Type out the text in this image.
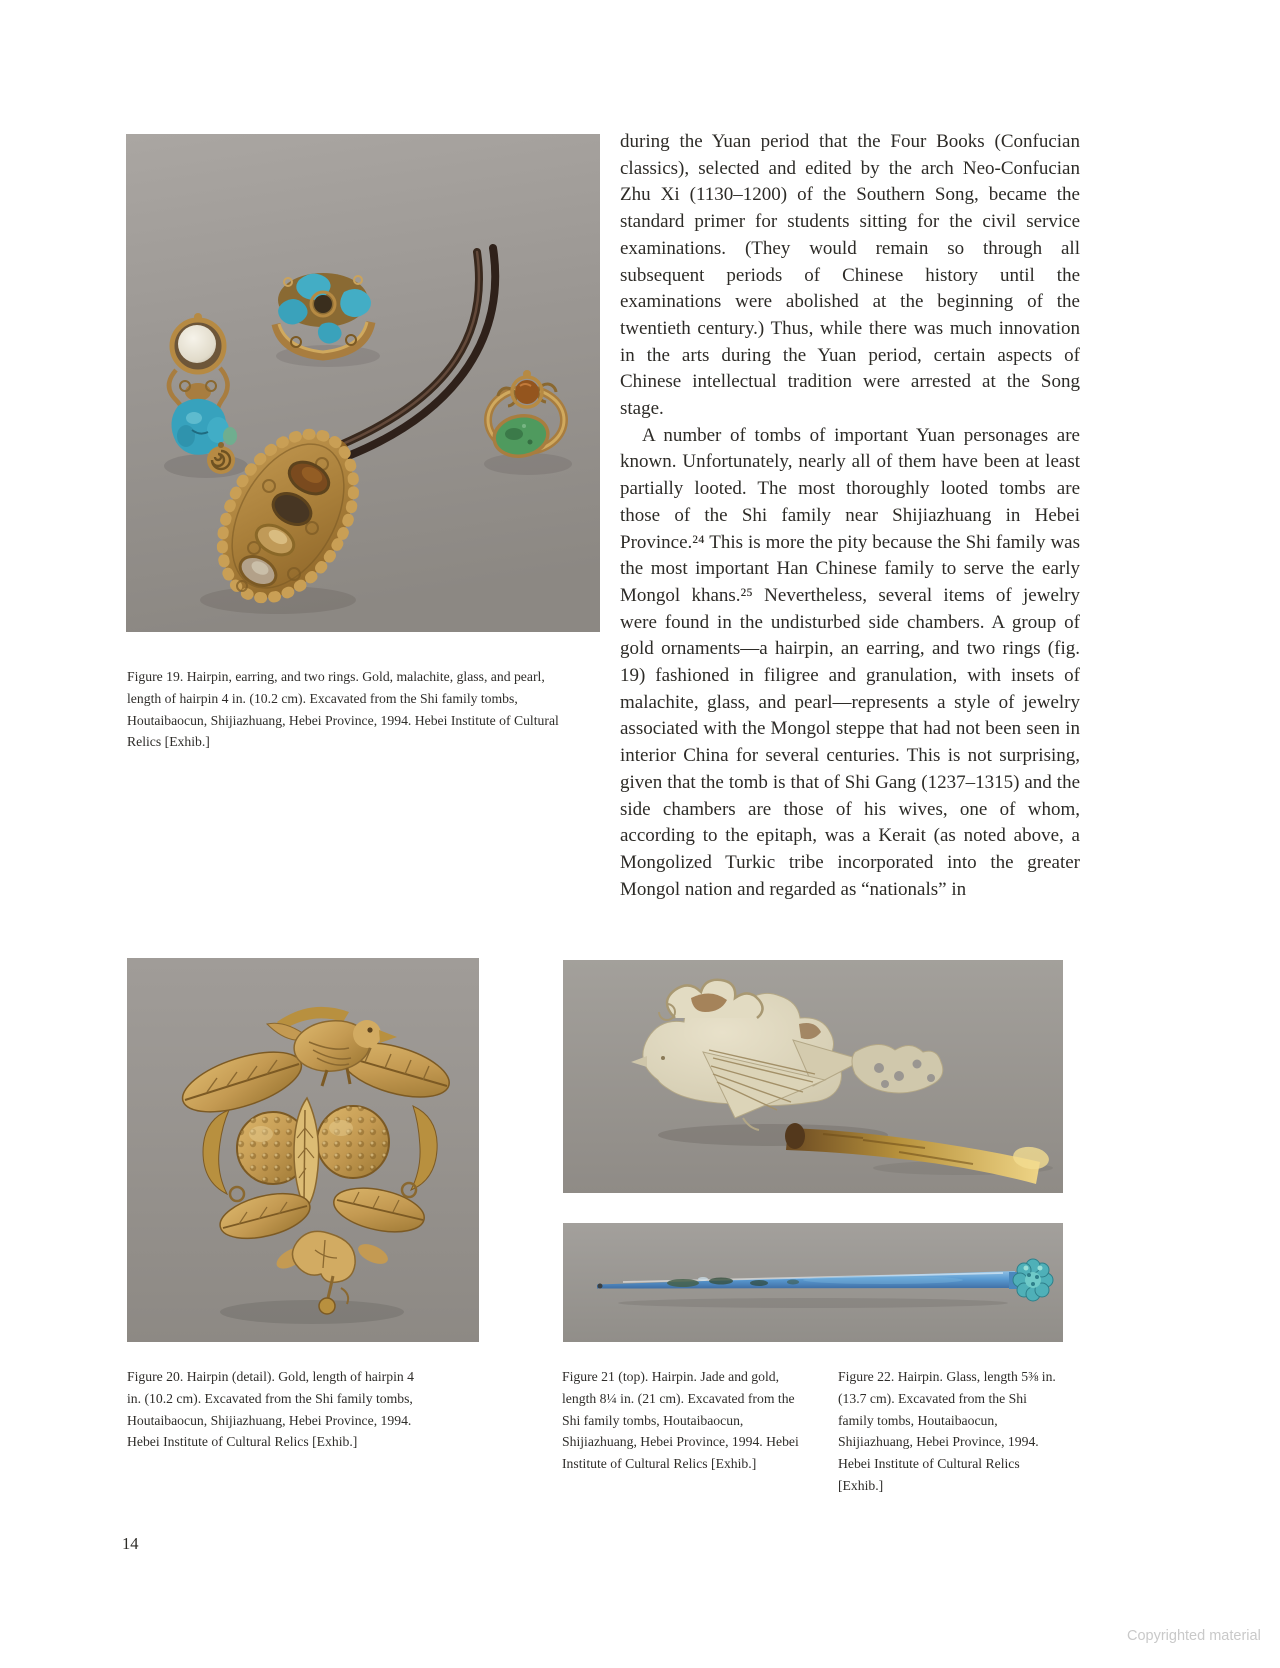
during the Yuan period that the Four Books (Confucian classics), selected and edited by the arch Neo-Confucian Zhu Xi (1130–1200) of the Southern Song, became the standard primer for students sitting for the civil service examinations. (They would remain so through all subsequent periods of Chinese history until the examinations were abolished at the beginning of the twentieth century.) Thus, while there was much innovation in the arts during the Yuan period, certain aspects of Chinese intellectual tradition were arrested at the Song stage.

A number of tombs of important Yuan personages are known. Unfortunately, nearly all of them have been at least partially looted. The most thoroughly looted tombs are those of the Shi family near Shijiazhuang in Hebei Province.²⁴ This is more the pity because the Shi family was the most important Han Chinese family to serve the early Mongol khans.²⁵ Nevertheless, several items of jewelry were found in the undisturbed side chambers. A group of gold ornaments—a hairpin, an earring, and two rings (fig. 19) fashioned in filigree and granulation, with insets of malachite, glass, and pearl—represents a style of jewelry associated with the Mongol steppe that had not been seen in interior China for several centuries. This is not surprising, given that the tomb is that of Shi Gang (1237–1315) and the side chambers are those of his wives, one of whom, according to the epitaph, was a Kerait (as noted above, a Mongolized Turkic tribe incorporated into the greater Mongol nation and regarded as “nationals” in

Figure 19. Hairpin, earring, and two rings. Gold, malachite, glass, and pearl, length of hairpin 4 in. (10.2 cm). Excavated from the Shi family tombs, Houtaibaocun, Shijiazhuang, Hebei Province, 1994. Hebei Institute of Cultural Relics [Exhib.]
Figure 20. Hairpin (detail). Gold, length of hairpin 4 in. (10.2 cm). Excavated from the Shi family tombs, Houtaibaocun, Shijiazhuang, Hebei Province, 1994. Hebei Institute of Cultural Relics [Exhib.]
Figure 21 (top). Hairpin. Jade and gold, length 8¼ in. (21 cm). Excavated from the Shi family tombs, Houtaibaocun, Shijiazhuang, Hebei Province, 1994. Hebei Institute of Cultural Relics [Exhib.]
Figure 22. Hairpin. Glass, length 5⅜ in. (13.7 cm). Excavated from the Shi family tombs, Houtaibaocun, Shijiazhuang, Hebei Province, 1994. Hebei Institute of Cultural Relics [Exhib.]
14
Copyrighted material
